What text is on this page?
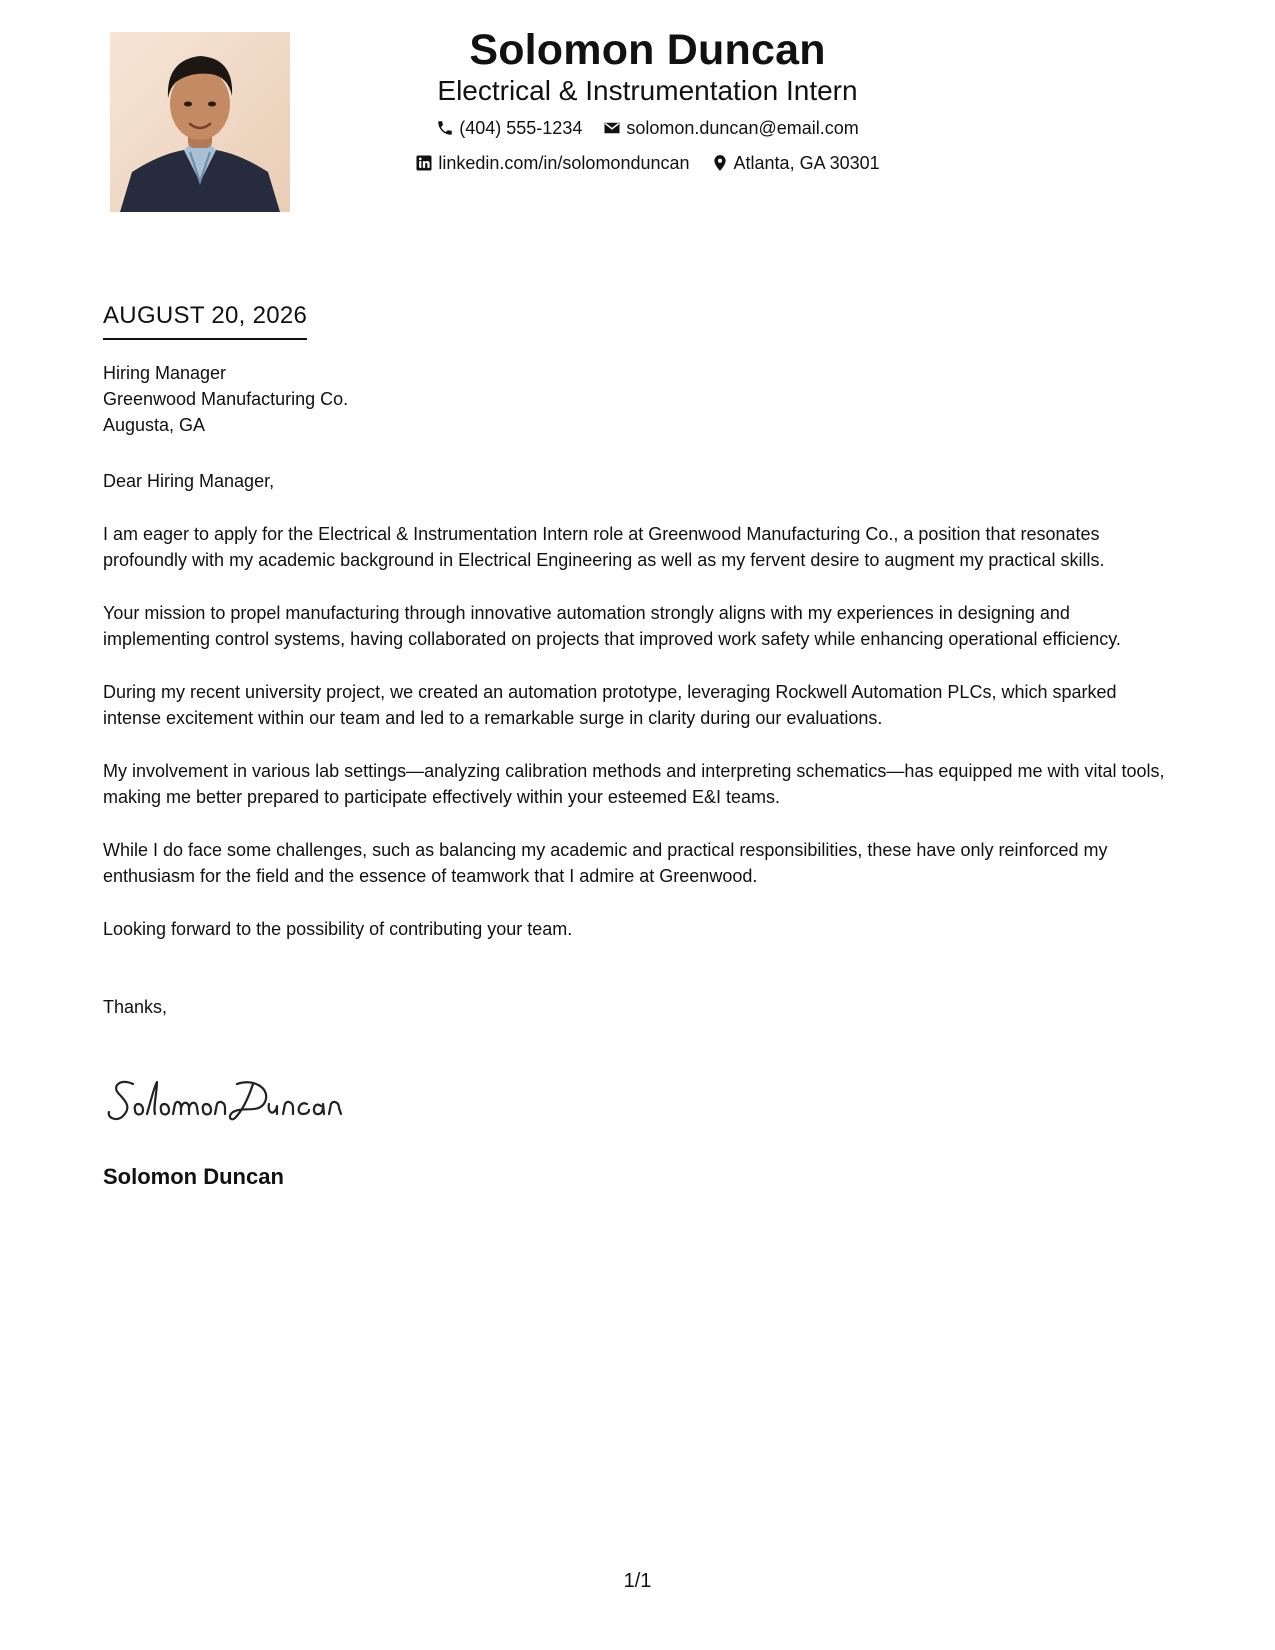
Solomon Duncan
Electrical & Instrumentation Intern
(404) 555-1234
solomon.duncan@email.com
linkedin.com/in/solomonduncan
Atlanta, GA 30301
AUGUST 20, 2026
Hiring Manager
Greenwood Manufacturing Co.
Augusta, GA

Dear Hiring Manager,

I am eager to apply for the Electrical & Instrumentation Intern role at Greenwood Manufacturing Co., a position that resonates profoundly with my academic background in Electrical Engineering as well as my fervent desire to augment my practical skills.

Your mission to propel manufacturing through innovative automation strongly aligns with my experiences in designing and implementing control systems, having collaborated on projects that improved work safety while enhancing operational efficiency.

During my recent university project, we created an automation prototype, leveraging Rockwell Automation PLCs, which sparked intense excitement within our team and led to a remarkable surge in clarity during our evaluations.

My involvement in various lab settings—analyzing calibration methods and interpreting schematics—has equipped me with vital tools, making me better prepared to participate effectively within your esteemed E&I teams.

While I do face some challenges, such as balancing my academic and practical responsibilities, these have only reinforced my enthusiasm for the field and the essence of teamwork that I admire at Greenwood.

Looking forward to the possibility of contributing your team.

Thanks,

Solomon Duncan
1/1
